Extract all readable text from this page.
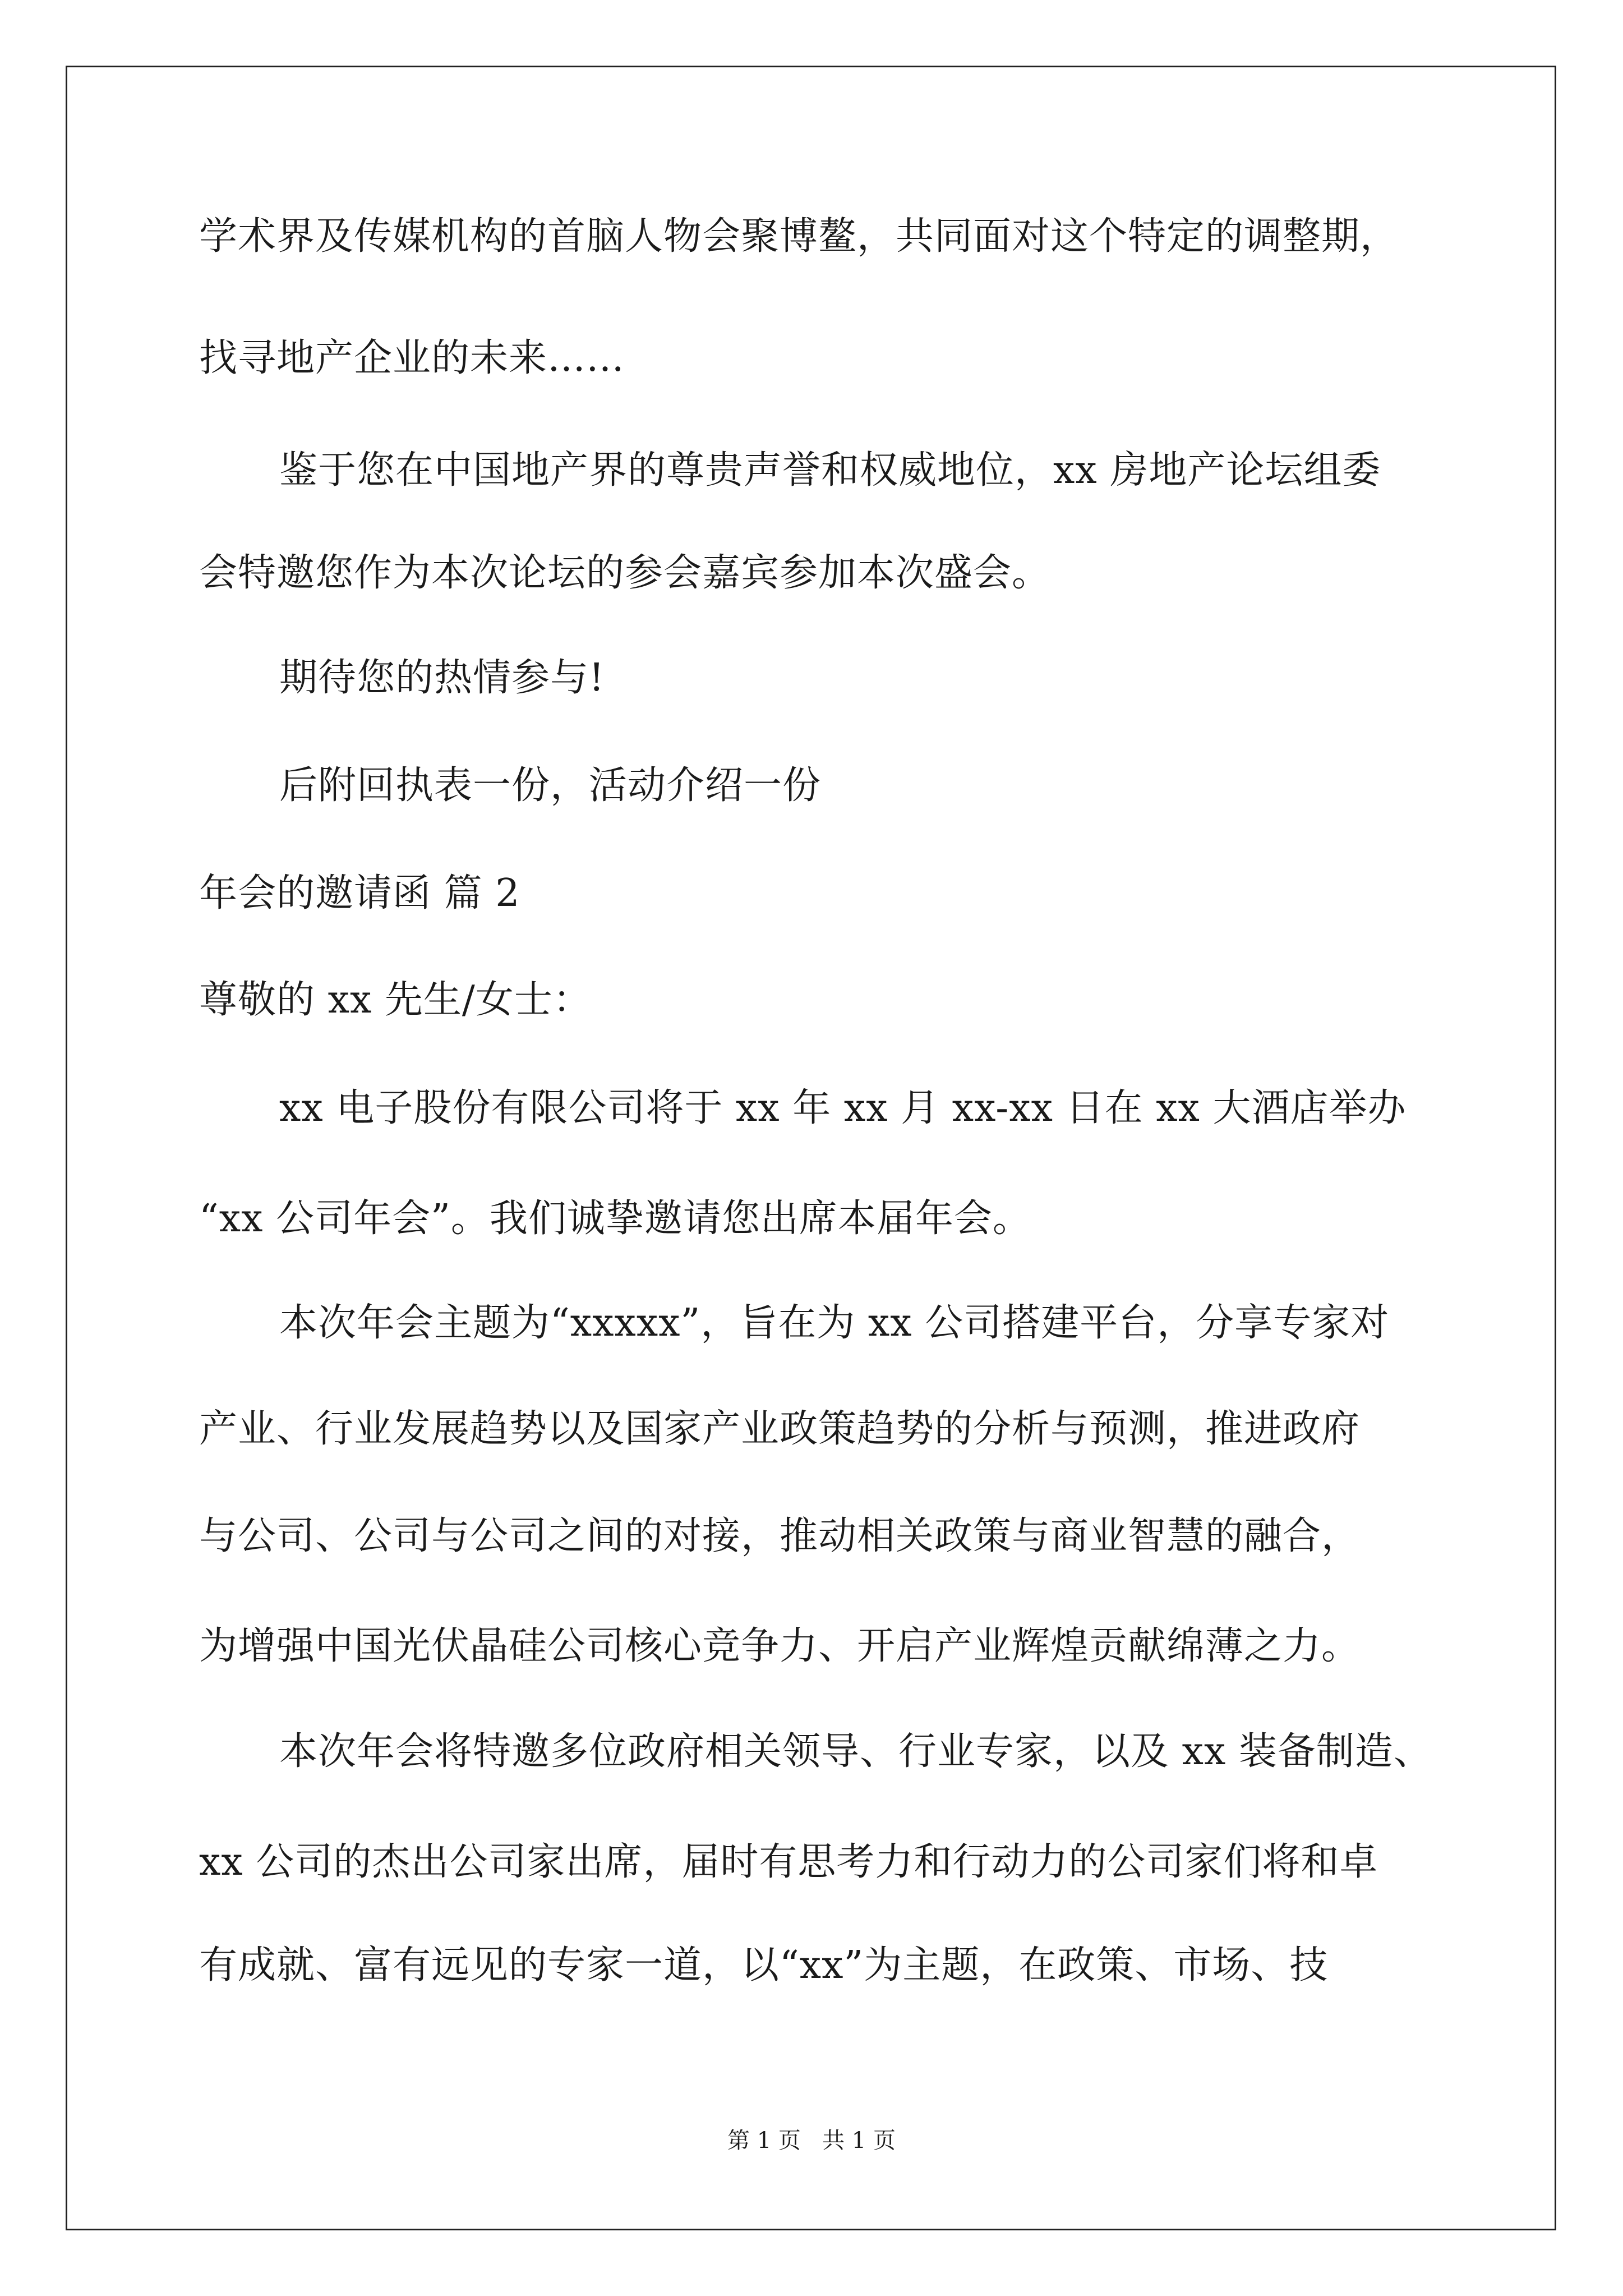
学术界及传媒机构的首脑人物会聚博鳌，共同面对这个特定的调整期，
找寻地产企业的未来……
鉴于您在中国地产界的尊贵声誉和权威地位，xx 房地产论坛组委
会特邀您作为本次论坛的参会嘉宾参加本次盛会。
期待您的热情参与!
后附回执表一份，活动介绍一份
年会的邀请函 篇 2
尊敬的 xx 先生/女士：
xx 电子股份有限公司将于 xx 年 xx 月 xx-xx 日在 xx 大酒店举办
“xx 公司年会”。我们诚挚邀请您出席本届年会。
本次年会主题为“xxxxx”，旨在为 xx 公司搭建平台，分享专家对
产业、行业发展趋势以及国家产业政策趋势的分析与预测，推进政府
与公司、公司与公司之间的对接，推动相关政策与商业智慧的融合，
为增强中国光伏晶硅公司核心竞争力、开启产业辉煌贡献绵薄之力。
本次年会将特邀多位政府相关领导、行业专家，以及 xx 装备制造、
xx 公司的杰出公司家出席，届时有思考力和行动力的公司家们将和卓
有成就、富有远见的专家一道，以“xx”为主题，在政策、市场、技
第 1 页   共 1 页
